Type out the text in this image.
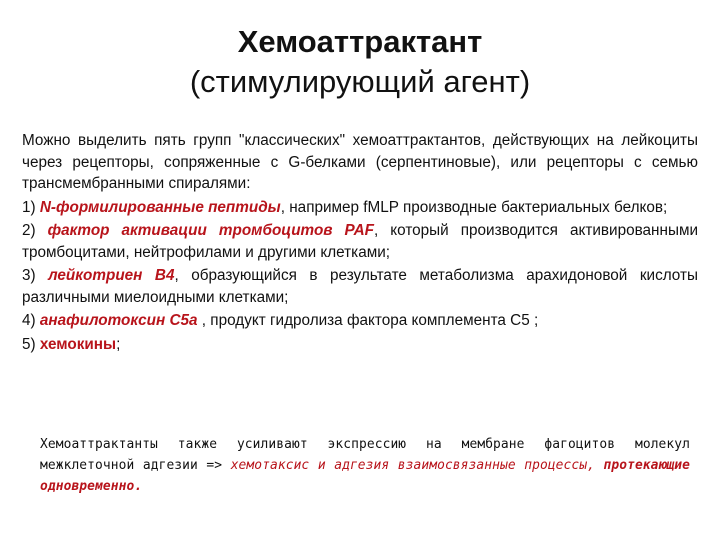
Хемоаттрактант
(стимулирующий агент)

Можно выделить пять групп "классических" хемоаттрактантов, действующих на лейкоциты через рецепторы, сопряженные с G-белками (серпентиновые), или рецепторы с семью трансмембранными спиралями:

1) N-формилированные пептиды, например fMLP производные бактериальных белков;

2) фактор активации тромбоцитов PAF, который производится активированными тромбоцитами, нейтрофилами и другими клетками;

3) лейкотриен В4, образующийся в результате метаболизма арахидоновой кислоты различными миелоидными клетками;

4) анафилотоксин С5а , продукт гидролиза фактора комплемента С5 ;

5) хемокины;

Хемоаттрактанты также усиливают экспрессию на мембране фагоцитов молекул межклеточной адгезии => хемотаксис и адгезия взаимосвязанные процессы, протекающие одновременно.
